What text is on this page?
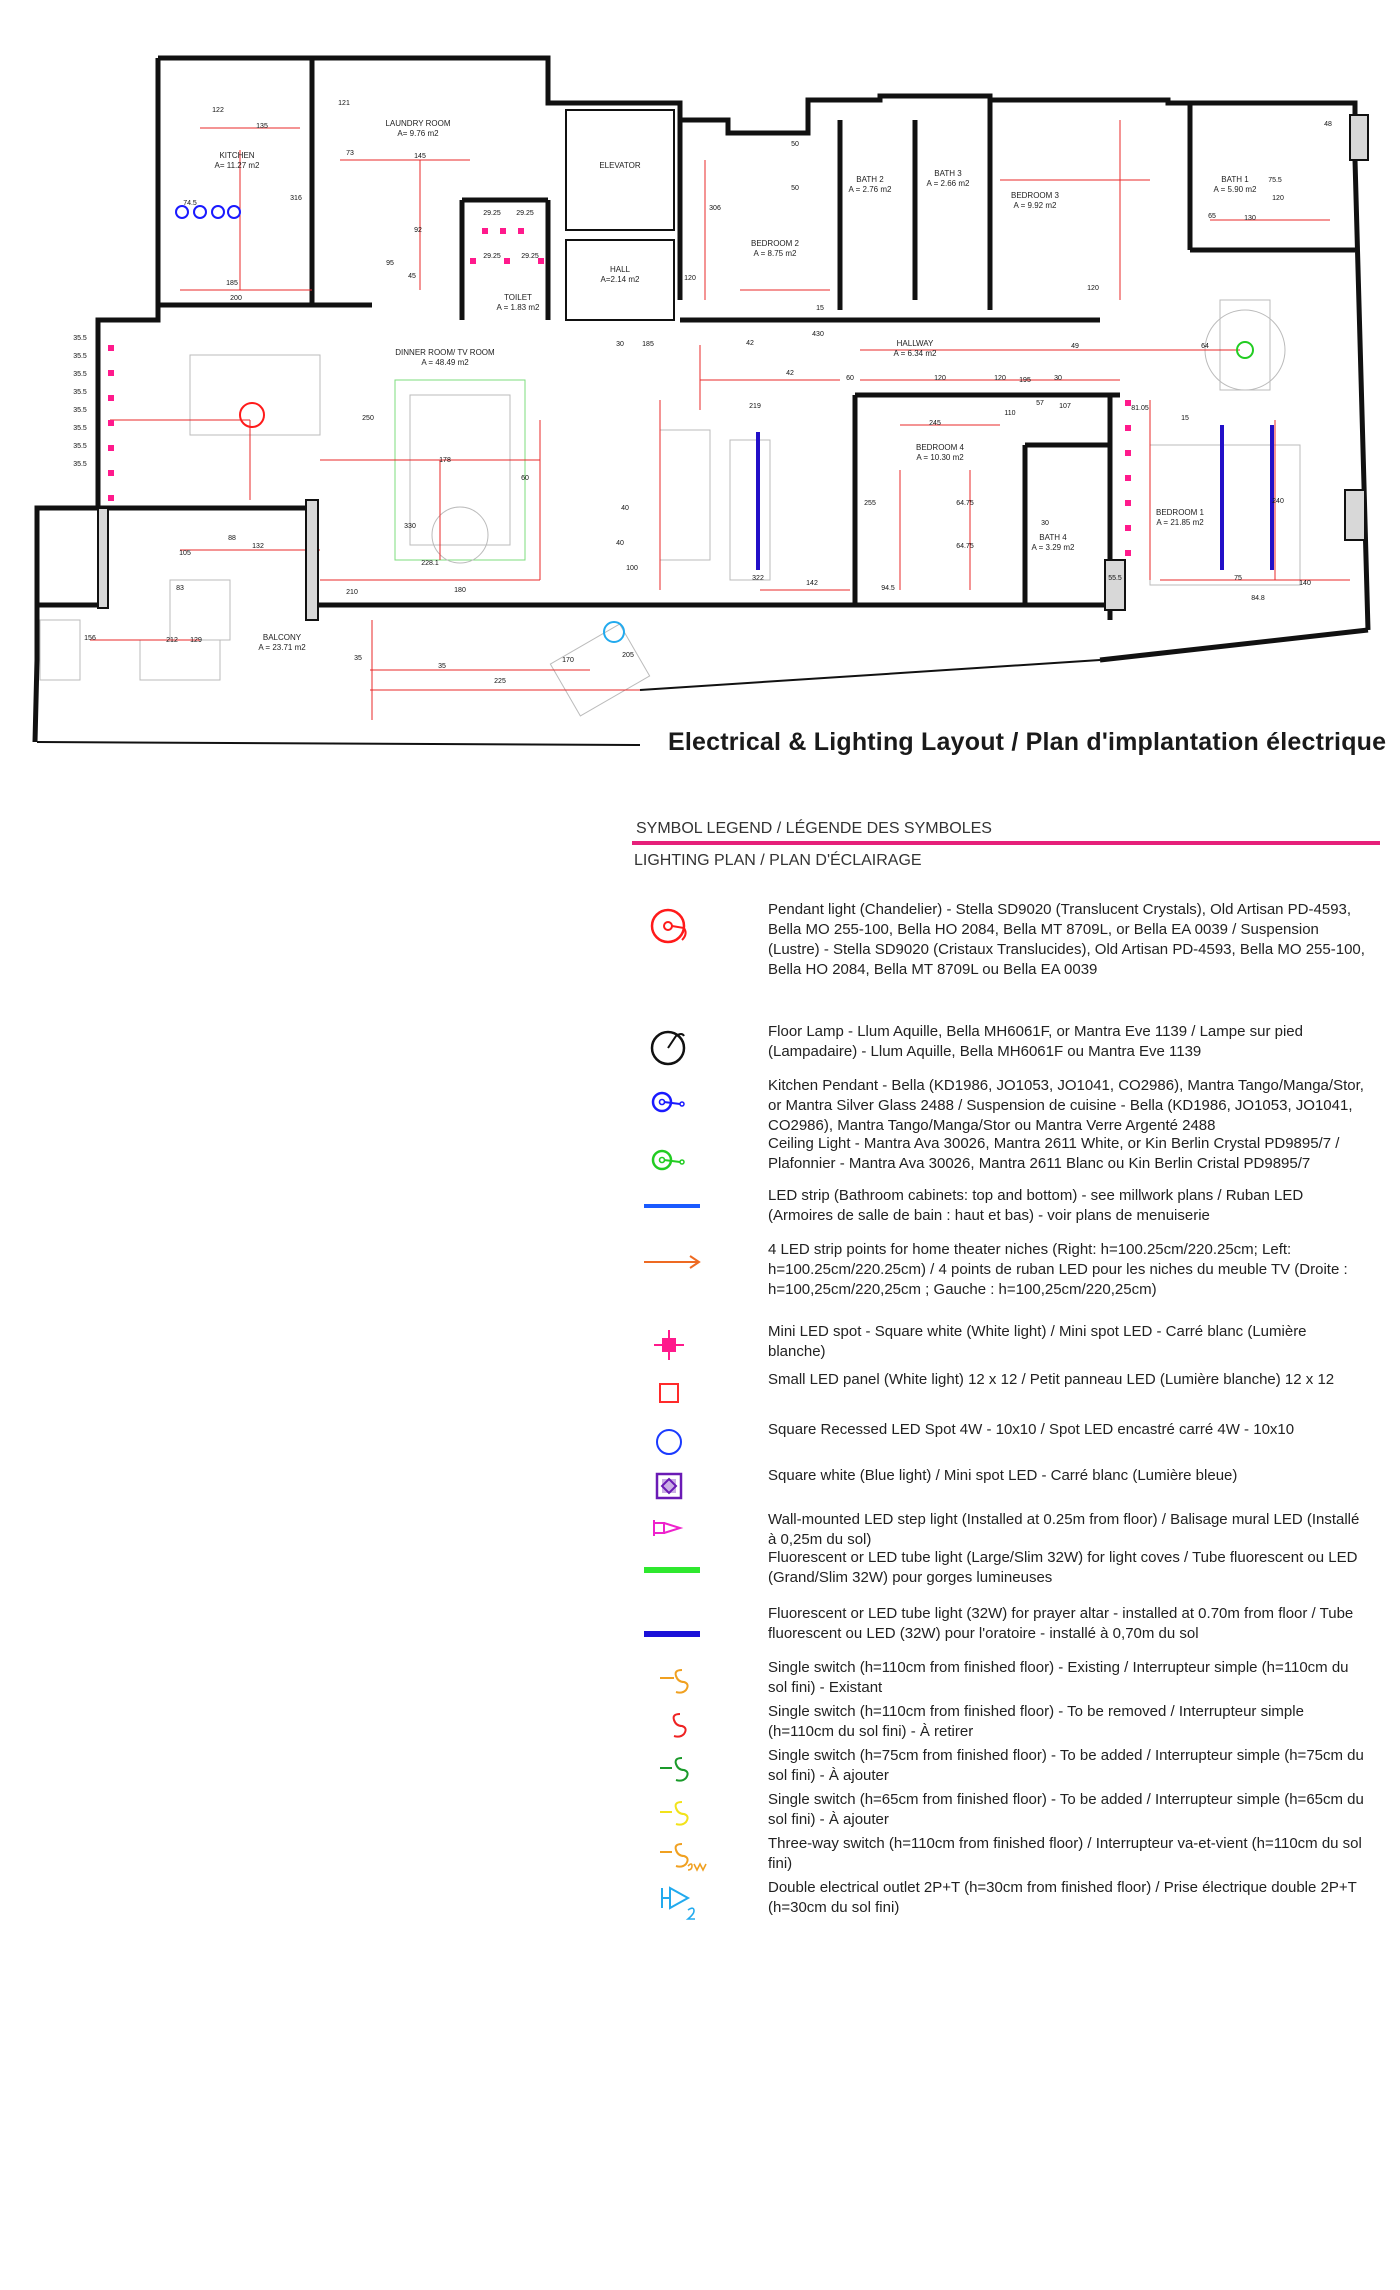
KITCHEN
A= 11.27 m2
LAUNDRY ROOM
A= 9.76 m2
ELEVATOR
HALL
A=2.14 m2
TOILET
A = 1.83 m2
BEDROOM 2
A = 8.75 m2
BATH 2
A = 2.76 m2
BATH 3
A = 2.66 m2
BEDROOM 3
A = 9.92 m2
BATH 1
A = 5.90 m2
DINNER ROOM/ TV ROOM
A = 48.49 m2
HALLWAY
A = 6.34 m2
BEDROOM 4
A = 10.30 m2
BATH 4
A = 3.29 m2
BEDROOM 1
A = 21.85 m2
BALCONY
A = 23.71 m2
122
135
73	145
121
316
74.5
185
200
95
92
45
29.25 29.25
29.25	29.25
306
120
50
50
15
120
250
178
60
330
228.1
180
210
105
132
88
83
156	212 129
35
35
170
225
205
430
30	185	42
42
60	120	120 195	30
49	64
219
245
110
57 107	81.05
255	64.75
64.75
94.5
322
142
100
40
40
15
75
140
84.8
240
55.5
30
65	130
75.5
48
120
35.5
35.5
35.5
35.5
35.5
35.5
35.5
35.5
Electrical & Lighting Layout / Plan d'implantation électrique
SYMBOL LEGEND / LÉGENDE DES SYMBOLES
LIGHTING PLAN / PLAN D'ÉCLAIRAGE
Pendant light (Chandelier) - Stella SD9020 (Translucent Crystals), Old Artisan PD-4593, Bella MO 255-100, Bella HO 2084, Bella MT 8709L, or Bella EA 0039 / Suspension (Lustre) - Stella SD9020 (Cristaux Translucides), Old Artisan PD-4593, Bella MO 255-100, Bella HO 2084, Bella MT 8709L ou Bella EA 0039
Floor Lamp - Llum Aquille, Bella MH6061F, or Mantra Eve 1139 / Lampe sur pied (Lampadaire) - Llum Aquille, Bella MH6061F ou Mantra Eve 1139
Kitchen Pendant - Bella (KD1986, JO1053, JO1041, CO2986), Mantra Tango/Manga/Stor, or Mantra Silver Glass 2488 / Suspension de cuisine - Bella (KD1986, JO1053, JO1041, CO2986), Mantra Tango/Manga/Stor ou Mantra Verre Argenté 2488
Ceiling Light - Mantra Ava 30026, Mantra 2611 White, or Kin Berlin Crystal PD9895/7 / Plafonnier - Mantra Ava 30026, Mantra 2611 Blanc ou Kin Berlin Cristal PD9895/7
LED strip (Bathroom cabinets: top and bottom) - see millwork plans / Ruban LED (Armoires de salle de bain : haut et bas) - voir plans de menuiserie
4 LED strip points for home theater niches (Right: h=100.25cm/220.25cm; Left: h=100.25cm/220.25cm) / 4 points de ruban LED pour les niches du meuble TV (Droite : h=100,25cm/220,25cm ; Gauche : h=100,25cm/220,25cm)
Mini LED spot - Square white (White light) / Mini spot LED - Carré blanc (Lumière blanche)
Small LED panel (White light) 12 x 12 / Petit panneau LED (Lumière blanche) 12 x 12
Square Recessed LED Spot 4W - 10x10 / Spot LED encastré carré 4W - 10x10
Square white (Blue light) / Mini spot LED - Carré blanc (Lumière bleue)
Wall-mounted LED step light (Installed at 0.25m from floor) / Balisage mural LED (Installé à 0,25m du sol)
Fluorescent or LED tube light (Large/Slim 32W) for light coves / Tube fluorescent ou LED (Grand/Slim 32W) pour gorges lumineuses
Fluorescent or LED tube light (32W) for prayer altar - installed at 0.70m from floor / Tube fluorescent ou LED (32W) pour l'oratoire - installé à 0,70m du sol
Single switch (h=110cm from finished floor) - Existing / Interrupteur simple (h=110cm du sol fini) - Existant
Single switch (h=110cm from finished floor) - To be removed / Interrupteur simple (h=110cm du sol fini) - À retirer
Single switch (h=75cm from finished floor) - To be added / Interrupteur simple (h=75cm du sol fini) - À ajouter
Single switch (h=65cm from finished floor) - To be added / Interrupteur simple (h=65cm du sol fini) - À ajouter
Three-way switch (h=110cm from finished floor) / Interrupteur va-et-vient (h=110cm du sol fini)
Double electrical outlet 2P+T (h=30cm from finished floor) / Prise électrique double 2P+T (h=30cm du sol fini)
